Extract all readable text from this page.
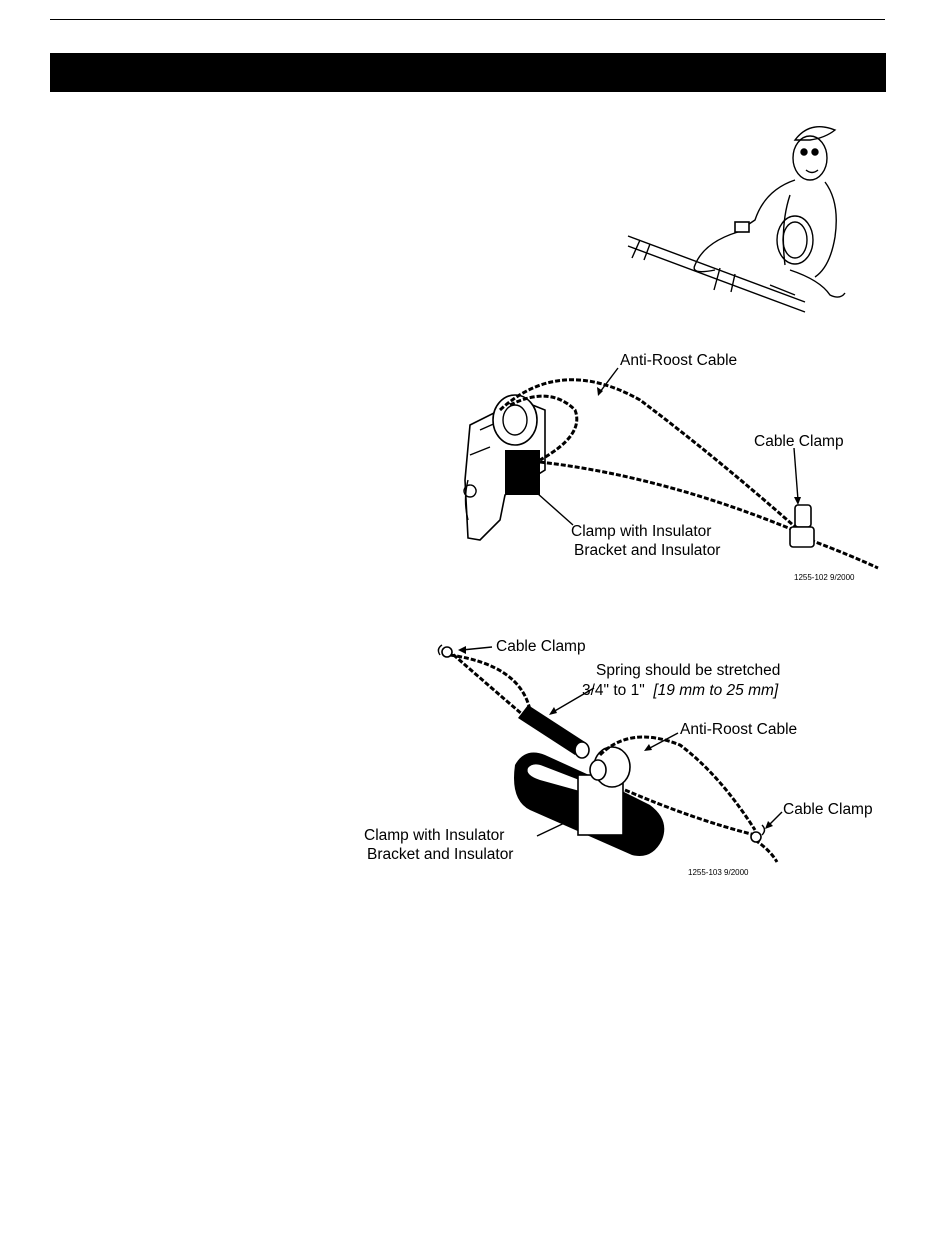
Anti-Roost Cable
Cable Clamp
Clamp with Insulator
Bracket and Insulator
1255-102 9/2000
Cable Clamp
Spring should be stretched
3/4" to 1" [19 mm to 25 mm]
Anti-Roost Cable
Cable Clamp
Clamp with Insulator
Bracket and Insulator
1255-103 9/2000
